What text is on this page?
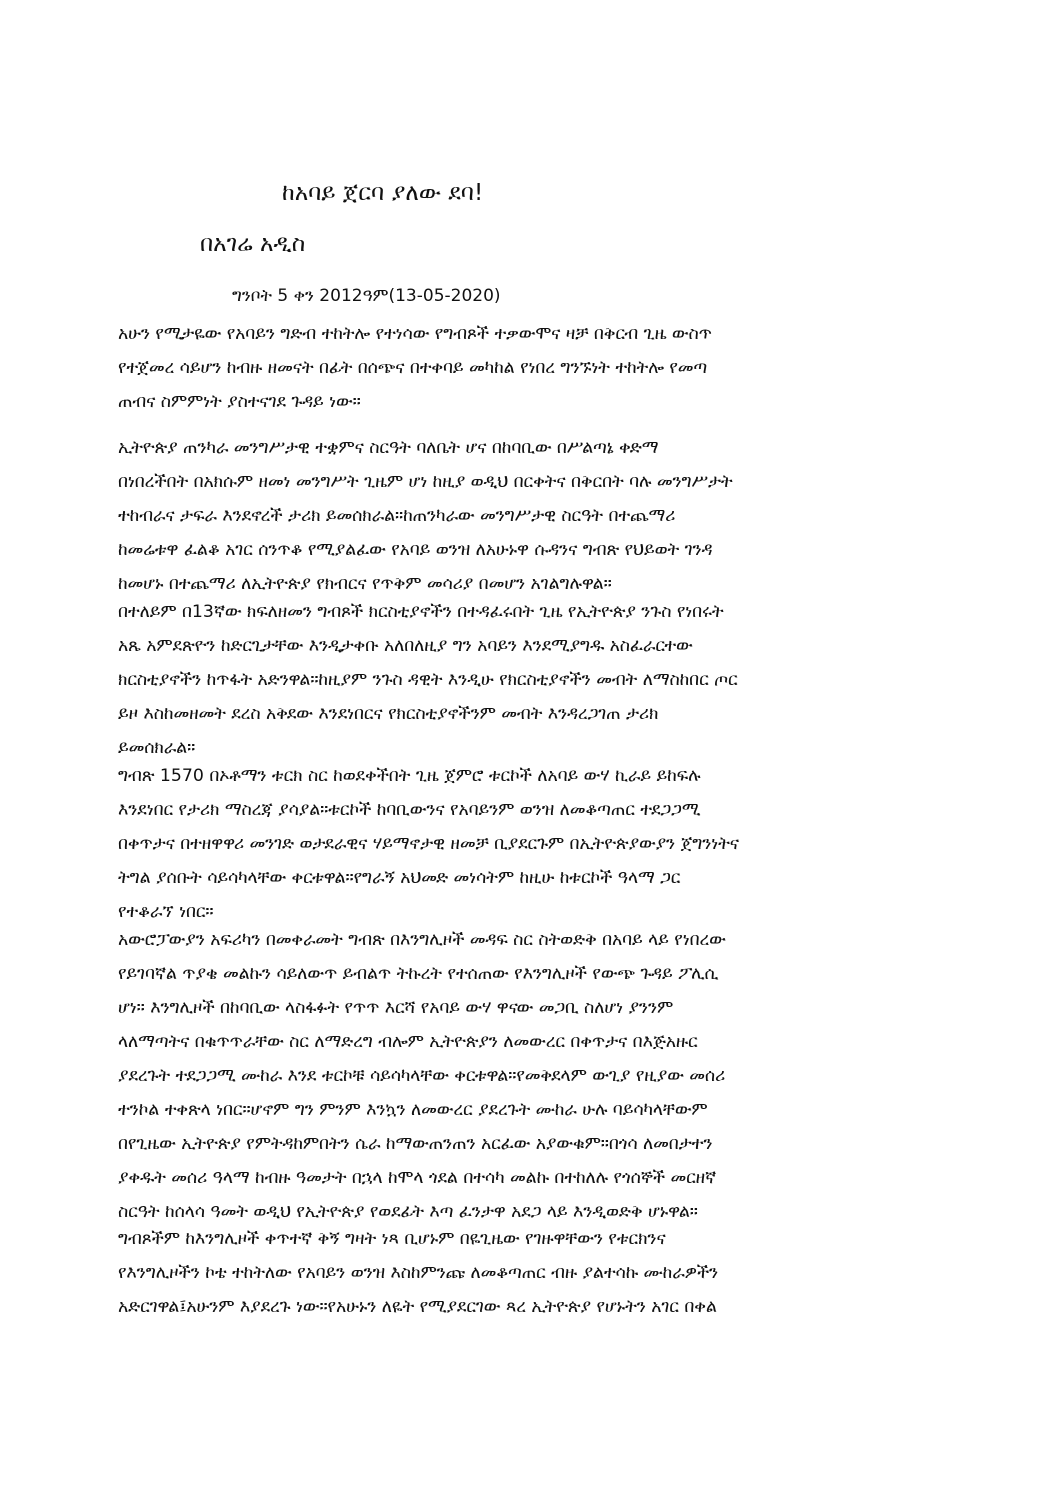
ከአባይ ጀርባ ያለው ደባ!
በአገሬ አዲስ
ግንቦት 5 ቀን 2012ዓም(13-05-2020)
አሁን የሚታዬው የአባይን ግድብ ተከትሎ የተነሳው የግብጾች ተቃውሞና ዛቻ በቅርብ ጊዜ ውስጥ
የተጀመረ ሳይሆን ከብዙ ዘመናት በፊት በሰጭና በተቀባይ መካከል የነበረ ግንኙነት ተከትሎ የመጣ
ጠብና ስምምነት ያስተናገደ ጉዳይ ነው።
ኢትዮጵያ ጠንካራ መንግሥታዊ ተቋምና ስርዓት ባለቤት ሆና በከባቢው በሥልጣኔ ቀድማ
በነበረችበት በአክሱም ዘመነ መንግሥት ጊዜም ሆነ ከዚያ ወዲህ በርቀትና በቅርበት ባሉ መንግሥታት
ተከብራና ታፍራ እንደኖረች ታሪክ ይመሰክራል።ከጠንካራው መንግሥታዊ ስርዓት በተጨማሪ
ከመሬቱዋ ፈልቆ አገር ሰንጥቆ የሚያልፈው የአባይ ወንዝ ለአሁኑዋ ሱዳንና ግብጽ የህይወት ገንዳ
ከመሆኑ በተጨማሪ ለኢትዮጵያ የክብርና የጥቅም መሳሪያ በመሆን አገልግሉዋል።
በተለይም በ13ኛው ክፍለዘመን ግብጾች ክርስቲያኖችን በተዳፈሩበት ጊዜ የኢትዮጵያ ንጉስ የነበሩት
አጼ አምደጽዮን ከድርጊታቸው እንዲታቀቡ አለበለዚያ ግን አባይን እንደሚያግዱ አስፈራርተው
ክርስቲያኖችን ከጥፋት አድንዋል።ከዚያም ንጉስ ዳዊት እንዲሁ የክርስቲያኖችን መብት ለማስከበር ጦር
ይዞ እስከመዘመት ደረስ አቅደው እንደነበርና የክርስቲያኖችንም መብት እንዳረጋገጠ ታሪክ
ይመሰክራል።
ግብጽ 1570 በኦቶማን ቱርክ ስር ከወደቀችበት ጊዜ ጀምሮ ቱርኮች ለአባይ ውሃ ኪራይ ይከፍሉ
እንደነበር የታሪክ ማስረጃ ያሳያል።ቱርኮች ከባቢውንና የአባይንም ወንዝ ለመቆጣጠር ተደጋጋሚ
በቀጥታና በተዘዋዋሪ መንገድ ወታደራዊና ሃይማኖታዊ ዘመቻ ቢያደርጉም በኢትዮጵያውያን ጀግንነትና
ትግል ያሰቡት ሳይሳካላቸው ቀርቱዋል።የግራኝ አህመድ መነሳትም ከዚሁ ከቱርኮች ዓላማ ጋር
የተቆራኘ ነበር።
አውሮፓውያን አፍሪካን በመቀራመት ግብጽ በእንግሊዞች መዳፍ ስር ስትወድቅ በአባይ ላይ የነበረው
የይገባኛል ጥያቄ መልኩን ሳይለውጥ ይብልጥ ትኩረት የተሰጠው የእንግሊዞች የውጭ ጉዳይ ፖሊሲ
ሆነ። እንግሊዞች በከባቢው ላስፋፉት የጥጥ እርሻ የአባይ ውሃ ዋናው መጋቢ ስለሆነ ያንንም
ላለማጣትና በቁጥጥራቸው ስር ለማድረግ ብሎም ኢትዮጵያን ለመውረር በቀጥታና በእጅአዙር
ያደረጉት ተደጋጋሚ ሙከራ እንደ ቱርኮቹ ሳይሳካላቸው ቀርቱዋል።የመቅደላም ውጊያ የዚያው መሰሪ
ተንኮል ተቀጽላ ነበር።ሆኖም ግን ምንም እንኳን ለመውረር ያደረጉት ሙከራ ሁሉ ባይሳካላቸውም
በየጊዜው ኢትዮጵያ የምትዳከምበትን ሴራ ከማውጠንጠን አርፈው አያውቁም።በጎሳ ለመበታተን
ያቀዱት መሰሪ ዓላማ ከብዙ ዓመታት በኋላ ከሞላ ጎደል በተሳካ መልኩ በተከለሉ የጎሰኞች መርዘኛ
ስርዓት ከሰላሳ ዓመት ወዲህ የኢትዮጵያ የወደፊት እጣ ፈንታዋ አደጋ ላይ እንዲወድቅ ሆኑዋል።
ግብጾችም ከእንግሊዞች ቀጥተኛ ቅኝ ግዛት ነጻ ቢሆኑም በዬጊዜው የገዙዋቸውን የቱርክንና
የእንግሊዞችን ኮቴ ተከትለው የአባይን ወንዝ እስከምንጩ ለመቆጣጠር ብዙ ያልተሳኩ ሙከራዎችን
አድርገዋል፤አሁንም እያደረጉ ነው።የአሁኑን ለዬት የሚያደርገው ጻረ ኢትዮጵያ የሆኑትን አገር በቀል
